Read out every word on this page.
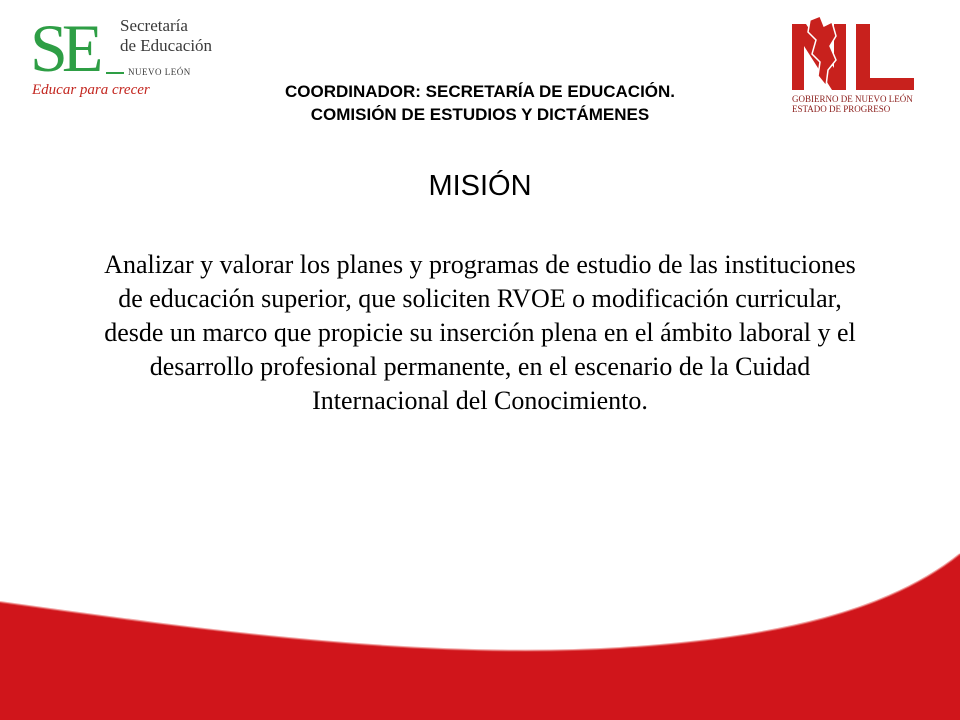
SE Secretaría
de Educación
NUEVO LEÓN
Educar para crecer
GOBIERNO DE NUEVO LEÓN
ESTADO DE PROGRESO
COORDINADOR: SECRETARÍA DE EDUCACIÓN.
COMISIÓN DE ESTUDIOS Y DICTÁMENES
MISIÓN
Analizar y valorar los planes y programas de estudio de las instituciones de educación superior, que soliciten RVOE o modificación curricular, desde un marco que propicie su inserción plena en el ámbito laboral y el desarrollo profesional permanente, en el escenario de la Cuidad Internacional del Conocimiento.
